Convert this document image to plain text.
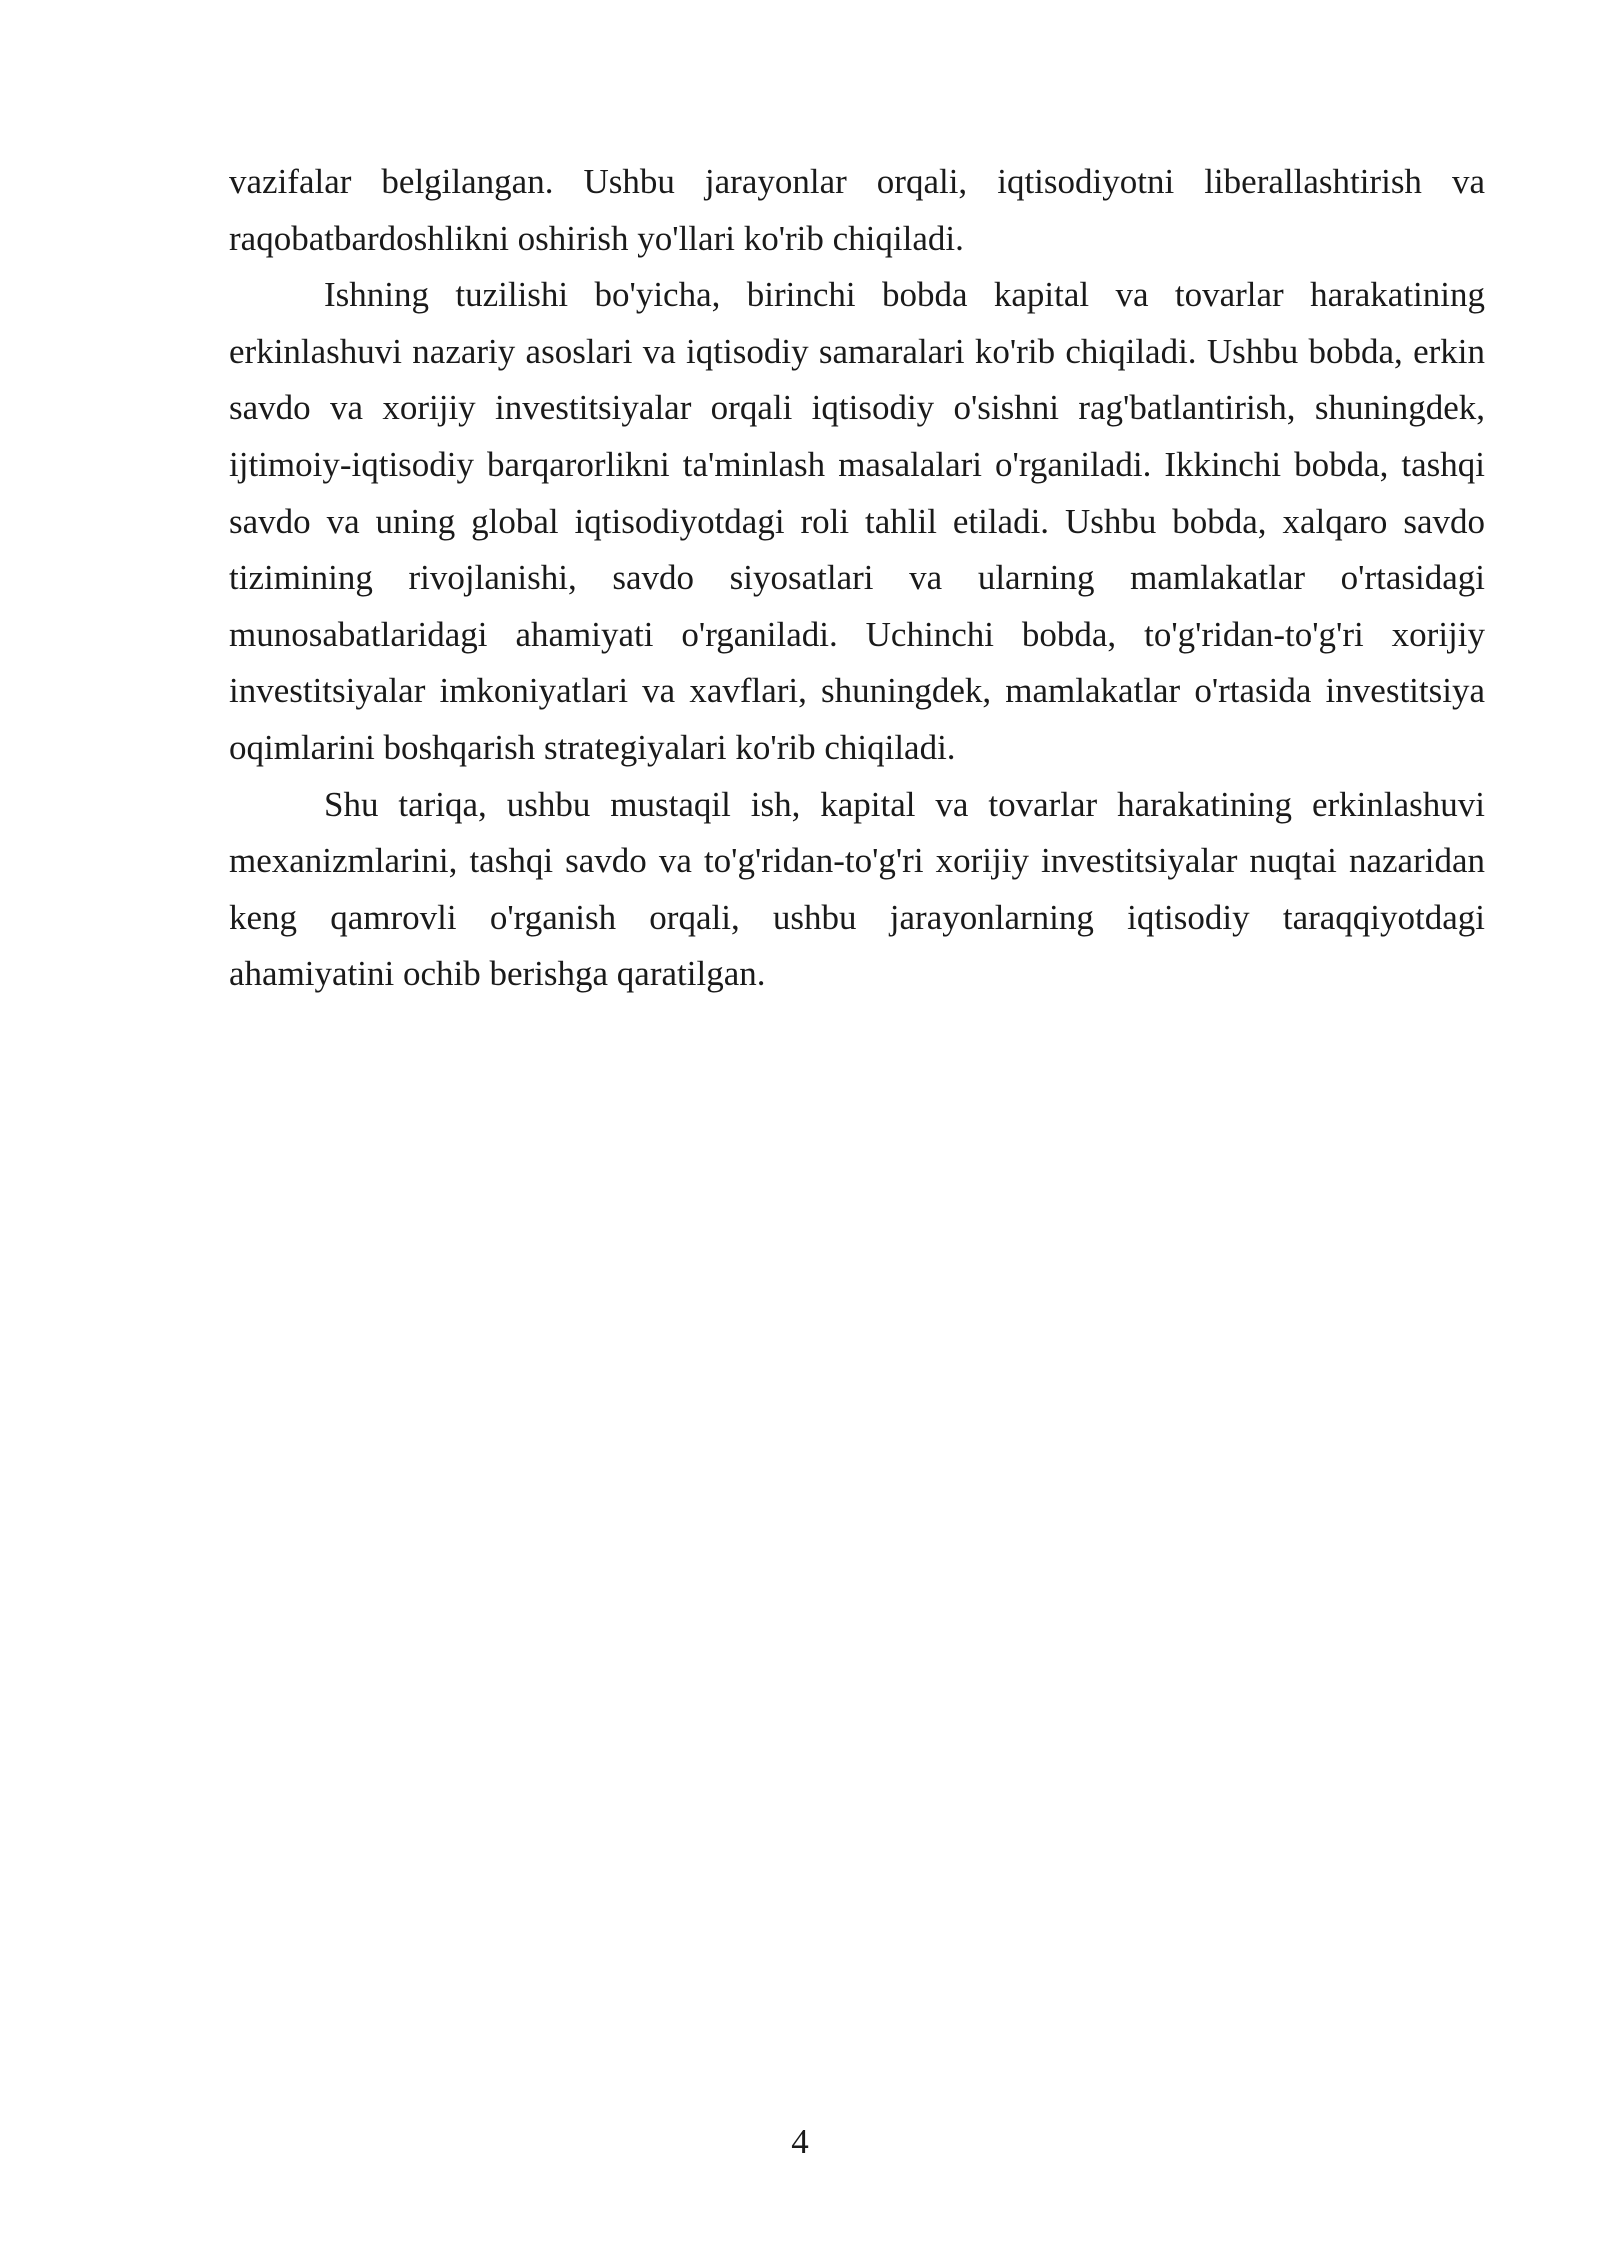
vazifalar belgilangan. Ushbu jarayonlar orqali, iqtisodiyotni liberallashtirish va raqobatbardoshlikni oshirish yo'llari ko'rib chiqiladi.

Ishning tuzilishi bo'yicha, birinchi bobda kapital va tovarlar harakatining erkinlashuvi nazariy asoslari va iqtisodiy samaralari ko'rib chiqiladi. Ushbu bobda, erkin savdo va xorijiy investitsiyalar orqali iqtisodiy o'sishni rag'batlantirish, shuningdek, ijtimoiy-iqtisodiy barqarorlikni ta'minlash masalalari o'rganiladi. Ikkinchi bobda, tashqi savdo va uning global iqtisodiyotdagi roli tahlil etiladi. Ushbu bobda, xalqaro savdo tizimining rivojlanishi, savdo siyosatlari va ularning mamlakatlar o'rtasidagi munosabatlaridagi ahamiyati o'rganiladi. Uchinchi bobda, to'g'ridan-to'g'ri xorijiy investitsiyalar imkoniyatlari va xavflari, shuningdek, mamlakatlar o'rtasida investitsiya oqimlarini boshqarish strategiyalari ko'rib chiqiladi.

Shu tariqa, ushbu mustaqil ish, kapital va tovarlar harakatining erkinlashuvi mexanizmlarini, tashqi savdo va to'g'ridan-to'g'ri xorijiy investitsiyalar nuqtai nazaridan keng qamrovli o'rganish orqali, ushbu jarayonlarning iqtisodiy taraqqiyotdagi ahamiyatini ochib berishga qaratilgan.

4
